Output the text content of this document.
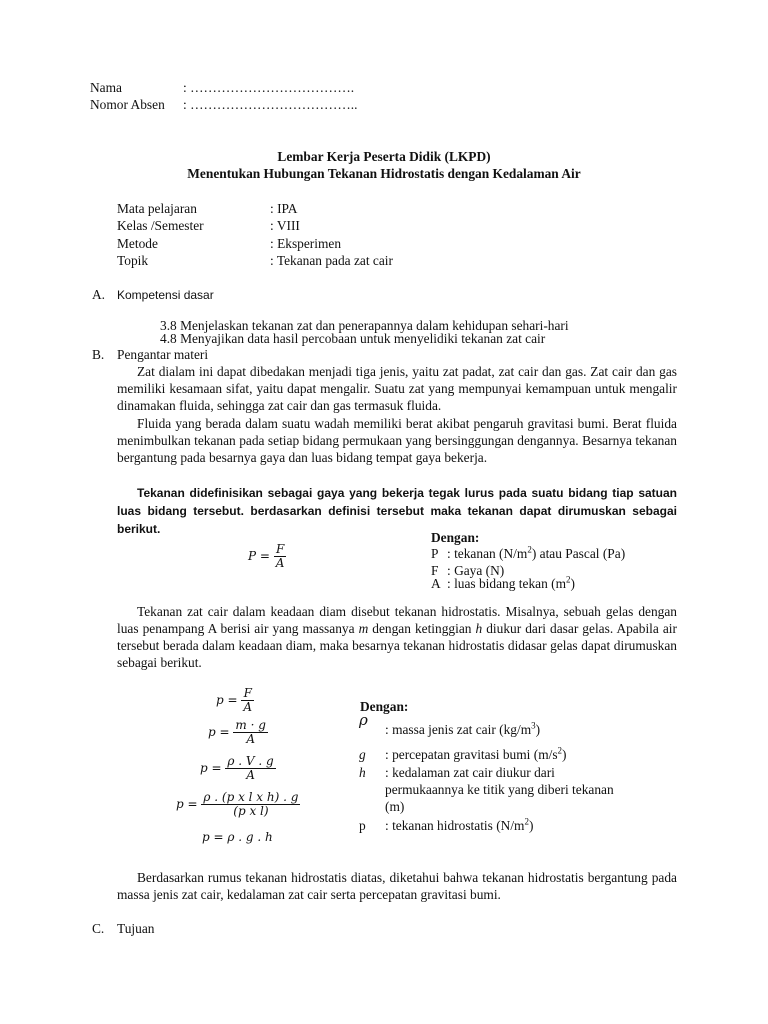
Nama	: ……………………………….
Nomor Absen : ………………………………..
Lembar Kerja Peserta Didik (LKPD)
Menentukan Hubungan Tekanan Hidrostatis dengan Kedalaman Air
Mata pelajaran	: IPA
Kelas /Semester	: VIII
Metode	: Eksperimen
Topik	: Tekanan pada zat cair
A. Kompetensi dasar
3.8 Menjelaskan tekanan zat dan penerapannya dalam kehidupan sehari-hari
4.8 Menyajikan data hasil percobaan untuk menyelidiki tekanan zat cair
B. Pengantar materi
Zat dialam ini dapat dibedakan menjadi tiga jenis, yaitu zat padat, zat cair dan gas. Zat cair dan gas memiliki kesamaan sifat, yaitu dapat mengalir. Suatu zat yang mempunyai kemampuan untuk mengalir dinamakan fluida, sehingga zat cair dan gas termasuk fluida.
Fluida yang berada dalam suatu wadah memiliki berat akibat pengaruh gravitasi bumi. Berat fluida menimbulkan tekanan pada setiap bidang permukaan yang bersinggungan dengannya. Besarnya tekanan bergantung pada besarnya gaya dan luas bidang tempat gaya bekerja.
Tekanan didefinisikan sebagai gaya yang bekerja tegak lurus pada suatu bidang tiap satuan luas bidang tersebut. berdasarkan definisi tersebut maka tekanan dapat dirumuskan sebagai berikut.
$P = \frac{F}{A}$
Dengan:
P : tekanan $(N/m^2)$ atau Pascal (Pa)
F : Gaya (N)
A : luas bidang tekan $(m^2)$
Tekanan zat cair dalam keadaan diam disebut tekanan hidrostatis. Misalnya, sebuah gelas dengan luas penampang A berisi air yang massanya m dengan ketinggian h diukur dari dasar gelas. Apabila air tersebut berada dalam keadaan diam, maka besarnya tekanan hidrostatis didasar gelas dapat dirumuskan sebagai berikut.
$p = \frac{F}{A}$
$p = \frac{m \cdot g}{A}$
$p = \frac{\rho . V . g}{A}$
$p = \frac{\text{ρ . (p x l x h) . g}}{\text{(p x l)}}$
p = ρ . g . h
Dengan:
ρ
: massa jenis zat cair $(kg/m^3)$
g : percepatan gravitasi bumi $(m/s^2)$
h : kedalaman zat cair diukur dari
permukaannya ke titik yang diberi tekanan
(m)
p : tekanan hidrostatis $(N/m^2)$
Berdasarkan rumus tekanan hidrostatis diatas, diketahui bahwa tekanan hidrostatis bergantung pada massa jenis zat cair, kedalaman zat cair serta percepatan gravitasi bumi.
C. Tujuan
